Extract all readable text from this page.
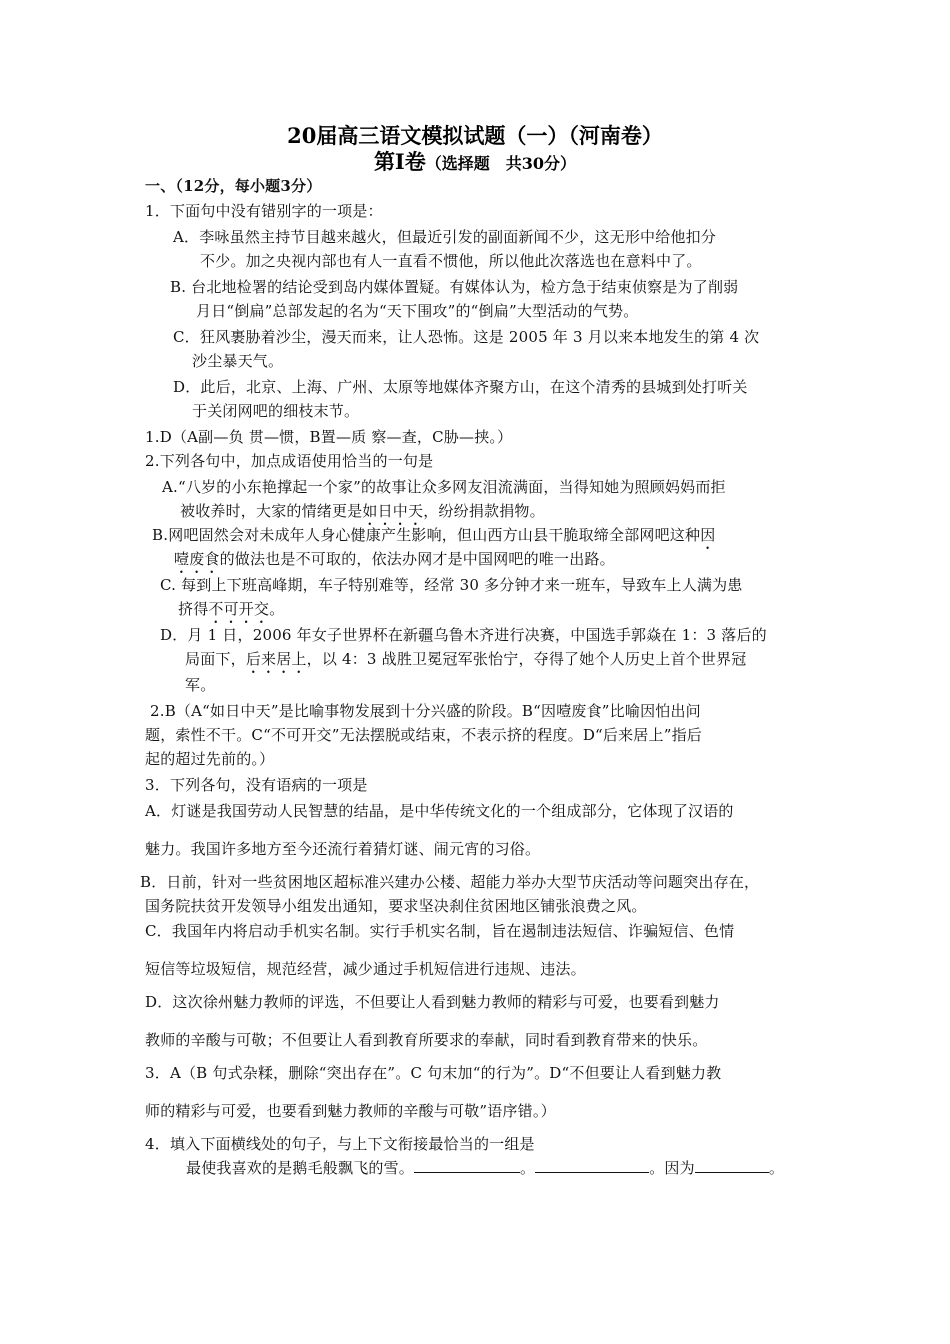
20届高三语文模拟试题（一）（河南卷）
第Ⅰ卷（选择题　共30分）
一、（12分，每小题3分）
1．下面句中没有错别字的一项是：
A．李咏虽然主持节目越来越火，但最近引发的副面新闻不少，这无形中给他扣分
不少。加之央视内部也有人一直看不惯他，所以他此次落选也在意料中了。
B. 台北地检署的结论受到岛内媒体置疑。有媒体认为，检方急于结束侦察是为了削弱
月日“倒扁”总部发起的名为“天下围攻”的“倒扁”大型活动的气势。
C．狂风裹胁着沙尘，漫天而来，让人恐怖。这是 2005 年 3 月以来本地发生的第 4 次
沙尘暴天气。
D．此后，北京、上海、广州、太原等地媒体齐聚方山，在这个清秀的县城到处打听关
于关闭网吧的细枝末节。
1.D（A副—负 贯—惯，B置—质 察—查，C胁—挟。）
2.下列各句中，加点成语使用恰当的一句是
A.“八岁的小东艳撑起一个家”的故事让众多网友泪流满面，当得知她为照顾妈妈而拒
被收养时，大家的情绪更是如日中天，纷纷捐款捐物。
B.网吧固然会对未成年人身心健康产生影响，但山西方山县干脆取缔全部网吧这种因
噎废食的做法也是不可取的，依法办网才是中国网吧的唯一出路。
C. 每到上下班高峰期，车子特别难等，经常 30 多分钟才来一班车，导致车上人满为患
挤得不可开交。
D．月 1 日，2006 年女子世界杯在新疆乌鲁木齐进行决赛，中国选手郭焱在 1：3 落后的
局面下，后来居上，以 4：3 战胜卫冕冠军张怡宁，夺得了她个人历史上首个世界冠
军。
2.B（A“如日中天”是比喻事物发展到十分兴盛的阶段。B“因噎废食”比喻因怕出问
题，索性不干。C“不可开交”无法摆脱或结束，不表示挤的程度。D“后来居上”指后
起的超过先前的。）
3．下列各句，没有语病的一项是
A．灯谜是我国劳动人民智慧的结晶，是中华传统文化的一个组成部分，它体现了汉语的
魅力。我国许多地方至今还流行着猜灯谜、闹元宵的习俗。
B．日前，针对一些贫困地区超标准兴建办公楼、超能力举办大型节庆活动等问题突出存在，
国务院扶贫开发领导小组发出通知，要求坚决刹住贫困地区铺张浪费之风。
C．我国年内将启动手机实名制。实行手机实名制，旨在遏制违法短信、诈骗短信、色情
短信等垃圾短信，规范经营，减少通过手机短信进行违规、违法。
D．这次徐州魅力教师的评选，不但要让人看到魅力教师的精彩与可爱，也要看到魅力
教师的辛酸与可敬；不但要让人看到教育所要求的奉献，同时看到教育带来的快乐。
3．A（B 句式杂糅，删除“突出存在”。C 句末加“的行为”。D“不但要让人看到魅力教
师的精彩与可爱，也要看到魅力教师的辛酸与可敬”语序错。）
4．填入下面横线处的句子，与上下文衔接最恰当的一组是
最使我喜欢的是鹅毛般飘飞的雪。	。	。因为	。
